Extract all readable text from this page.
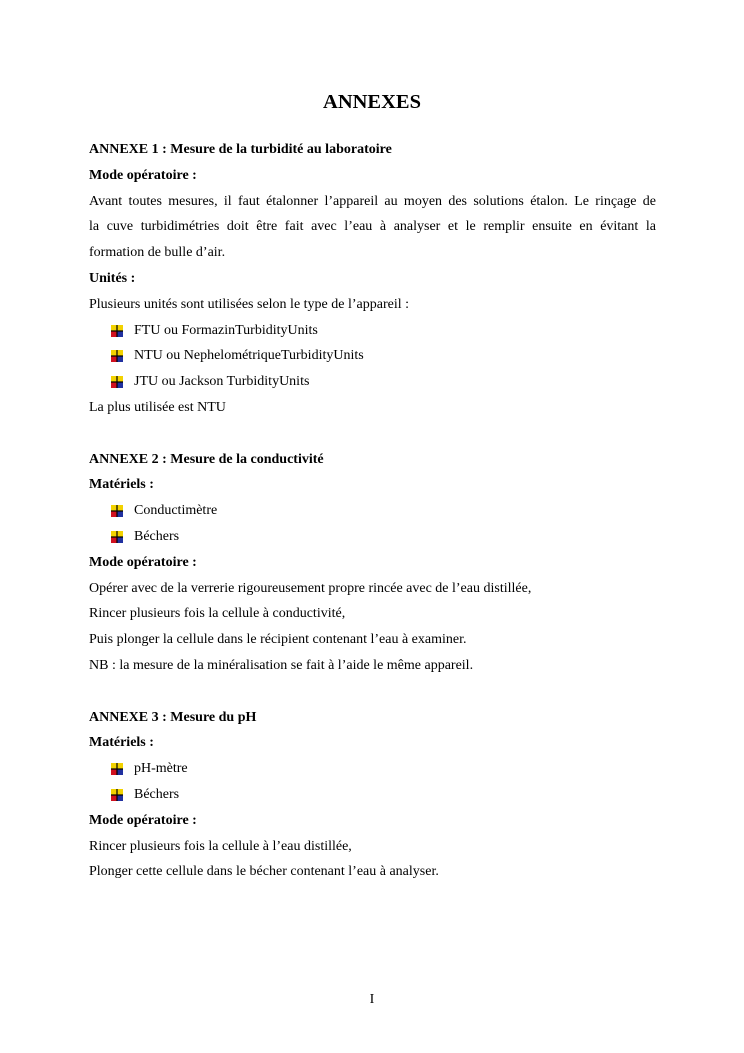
ANNEXES
ANNEXE 1 : Mesure de la turbidité au laboratoire
Mode opératoire :
Avant toutes mesures, il faut étalonner l’appareil au moyen des solutions étalon. Le rinçage de
la cuve turbidimétries doit être fait avec l’eau à analyser et le remplir ensuite en évitant la
formation de bulle d’air.
Unités :
Plusieurs unités sont utilisées selon le type de l’appareil :
FTU ou FormazinTurbidityUnits
NTU ou NephelométriqueTurbidityUnits
JTU ou Jackson TurbidityUnits
La plus utilisée est NTU
ANNEXE 2 : Mesure de la conductivité
Matériels :
Conductimètre
Béchers
Mode opératoire :
Opérer avec de la verrerie rigoureusement propre rincée avec de l’eau distillée,
Rincer plusieurs fois la cellule à conductivité,
Puis plonger la cellule dans le récipient contenant l’eau à examiner.
NB : la mesure de la minéralisation se fait à l’aide le même appareil.
ANNEXE 3 : Mesure du pH
Matériels :
pH-mètre
Béchers
Mode opératoire :
Rincer plusieurs fois la cellule à l’eau distillée,
Plonger cette cellule dans le bécher contenant l’eau à analyser.
I
